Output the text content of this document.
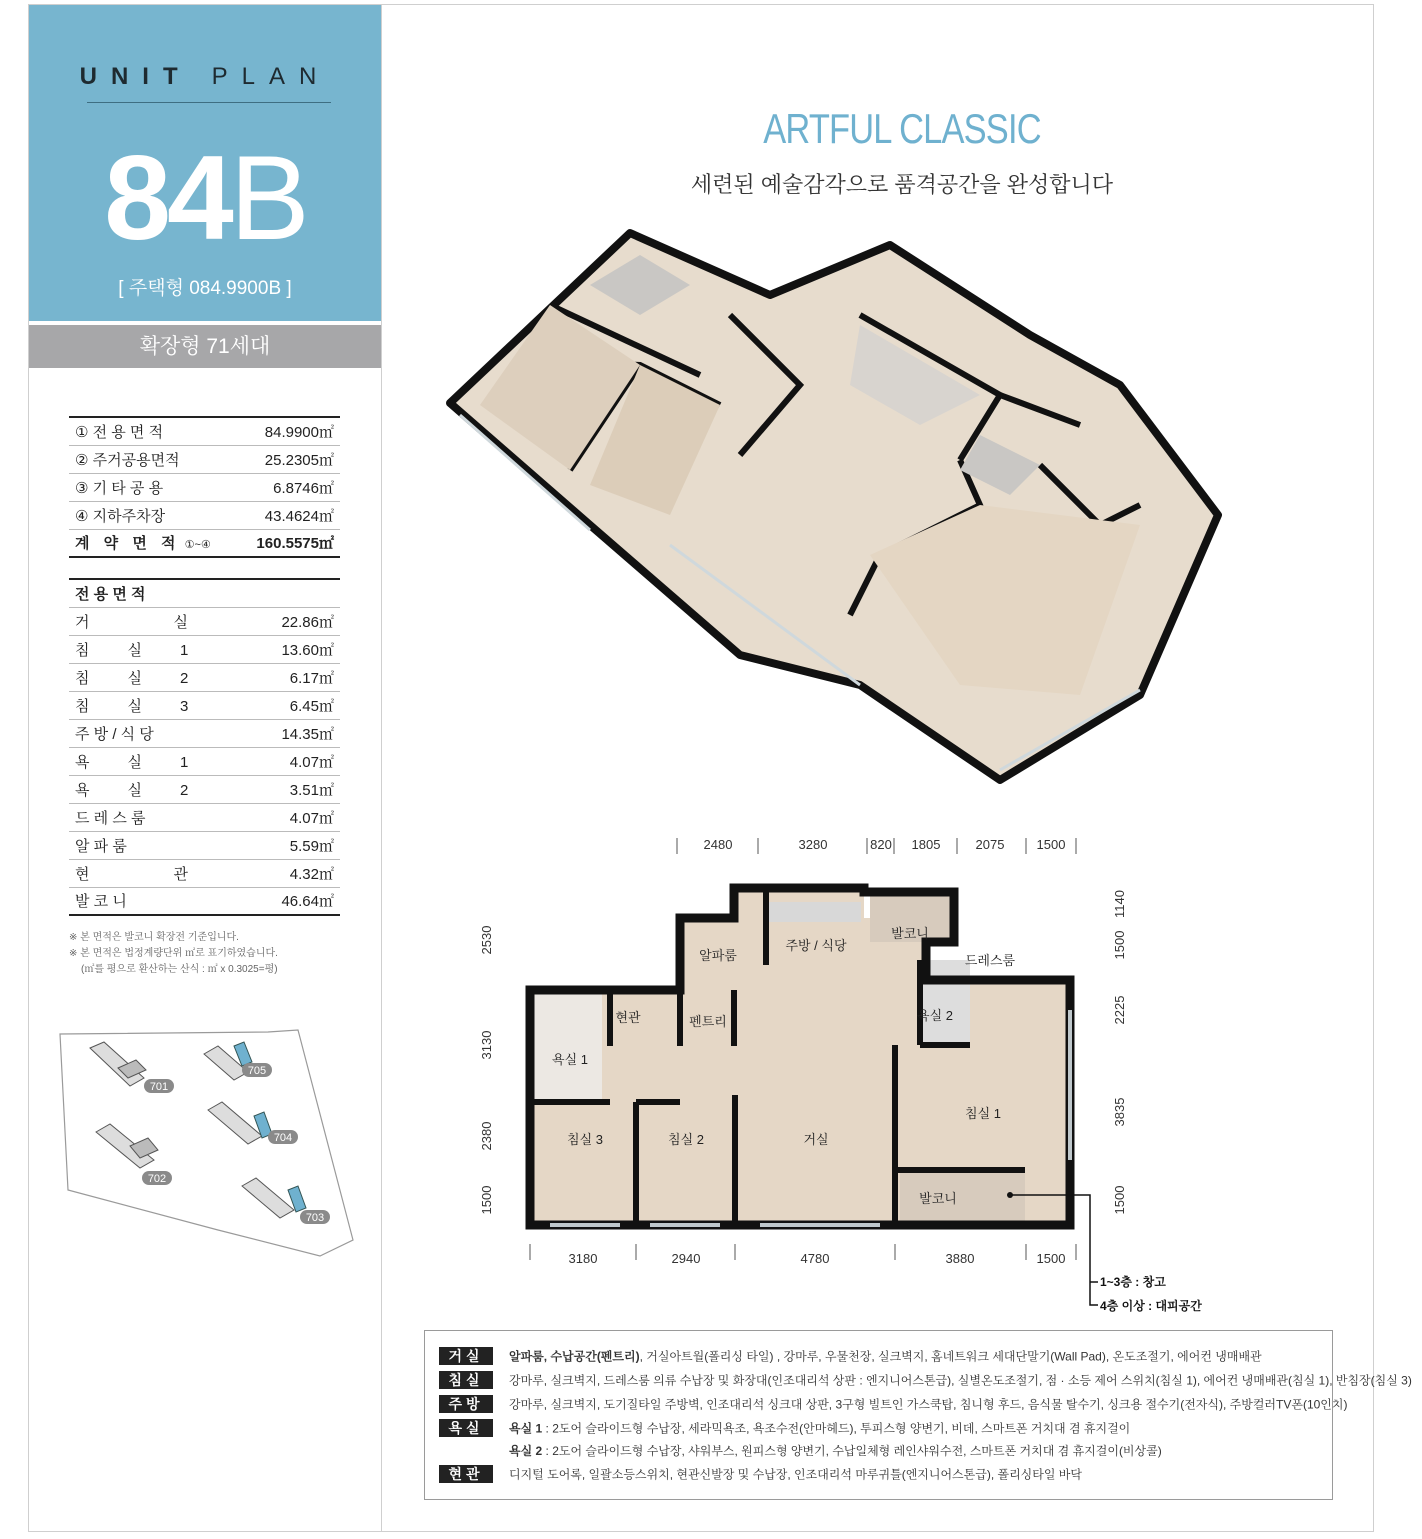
UNIT PLAN
84B
[ 주택형 084.9900B ]
확장형 71세대
① 전 용 면 적	84.9900㎡
② 주거공용면적	25.2305㎡
③ 기 타 공 용	6.8746㎡
④ 지하주차장	43.4624㎡
계 약 면 적 ①~④	160.5575㎡
전 용 면 적	
거 실	22.86㎡
침 실 1	13.60㎡
침 실 2	6.17㎡
침 실 3	6.45㎡
주 방 / 식 당	14.35㎡
욕 실 1	4.07㎡
욕 실 2	3.51㎡
드 레 스 룸	4.07㎡
알 파 룸	5.59㎡
현 관	4.32㎡
발 코 니	46.64㎡
※ 본 면적은 발코니 확장전 기준입니다.
※ 본 면적은 법정계량단위 ㎡로 표기하였습니다.
(㎡를 평으로 환산하는 산식 : ㎡ x 0.3025=평)
701
705
704
702
703
ARTFUL CLASSIC
세련된 예술감각으로 품격공간을 완성합니다
2480	3280	820 1805	2075 1500
2530
3130
2380
1500
1140
1500
2225
3835
1500
3180	2940	4780	3880	1500
알파룸
주방 / 식당
발코니
드레스룸
현관	펜트리	욕실 2
욕실 1
침실 1
침실 3	침실 2	거실
발코니
1~3층 : 창고
4층 이상 : 대피공간
거실 알파룸, 수납공간(펜트리), 거실아트월(폴리싱 타일) , 강마루, 우물천장, 실크벽지, 홈네트워크 세대단말기(Wall Pad), 온도조절기, 에어컨 냉매배관
침실 강마루, 실크벽지, 드레스룸 의류 수납장 및 화장대(인조대리석 상판 : 엔지니어스톤급), 실별온도조절기, 점 · 소등 제어 스위치(침실 1), 에어컨 냉매배관(침실 1), 반침장(침실 3)
주방 강마루, 실크벽지, 도기질타일 주방벽, 인조대리석 싱크대 상판, 3구형 빌트인 가스쿡탑, 침니형 후드, 음식물 탈수기, 싱크용 절수기(전자식), 주방컬러TV폰(10인치)
욕실 욕실 1 : 2도어 슬라이드형 수납장, 세라믹욕조, 욕조수전(안마헤드), 투피스형 양변기, 비데, 스마트폰 거치대 겸 휴지걸이
욕실 2 : 2도어 슬라이드형 수납장, 샤워부스, 원피스형 양변기, 수납일체형 레인샤워수전, 스마트폰 거치대 겸 휴지걸이(비상콜)
현관 디지털 도어록, 일괄소등스위치, 현관신발장 및 수납장, 인조대리석 마루귀틀(엔지니어스톤급), 폴리싱타일 바닥
